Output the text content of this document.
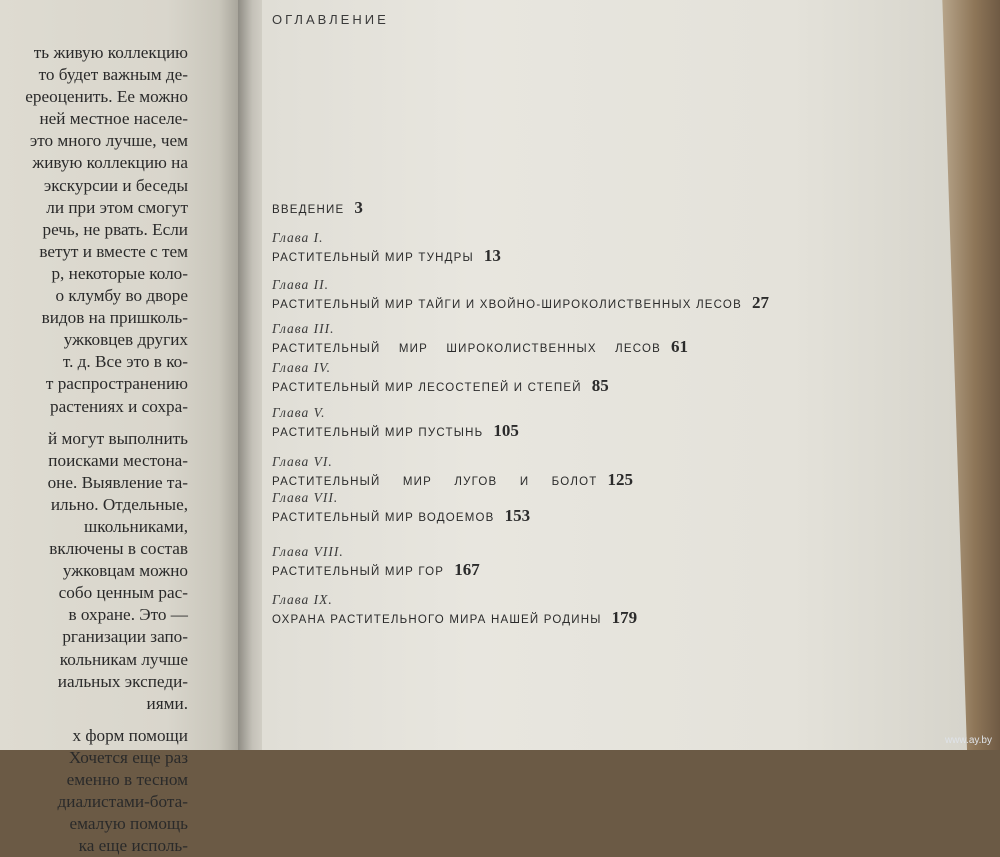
ть живую коллекцию
то будет важным де-
ереоценить. Ее можно
ней местное населе-
это много лучше, чем
живую коллекцию на
экскурсии и беседы
ли при этом смогут
речь, не рвать. Если
ветут и вместе с тем
р, некоторые коло-
о клумбу во дворе
видов на пришколь-
ужковцев других
т. д. Все это в ко-
т распространению
растениях и сохра-
й могут выполнить
поисками местона-
оне. Выявление та-
ильно. Отдельные,
школьниками,
включены в состав
ужковцам можно
собо ценным рас-
в охране. Это —
рганизации запо-
кольникам лучше
иальных экспеди-
иями.
х форм помощи
Хочется еще раз
еменно в тесном
диалистами-бота-
емалую помощь
ка еще исполь-
ОГЛАВЛЕНИЕ
ВВЕДЕНИЕ 3
Глава I.
РАСТИТЕЛЬНЫЙ МИР ТУНДРЫ 13
Глава II.
РАСТИТЕЛЬНЫЙ МИР ТАЙГИ И ХВОЙНО-ШИРОКОЛИСТВЕННЫХ ЛЕСОВ 27
Глава III.
РАСТИТЕЛЬНЫЙ МИР ШИРОКОЛИСТВЕННЫХ ЛЕСОВ 61
Глава IV.
РАСТИТЕЛЬНЫЙ МИР ЛЕСОСТЕПЕЙ И СТЕПЕЙ 85
Глава V.
РАСТИТЕЛЬНЫЙ МИР ПУСТЫНЬ 105
Глава VI.
РАСТИТЕЛЬНЫЙ МИР ЛУГОВ И БОЛОТ 125
Глава VII.
РАСТИТЕЛЬНЫЙ МИР ВОДОЕМОВ 153
Глава VIII.
РАСТИТЕЛЬНЫЙ МИР ГОР 167
Глава IX.
ОХРАНА РАСТИТЕЛЬНОГО МИРА НАШЕЙ РОДИНЫ 179
www.ay.by
